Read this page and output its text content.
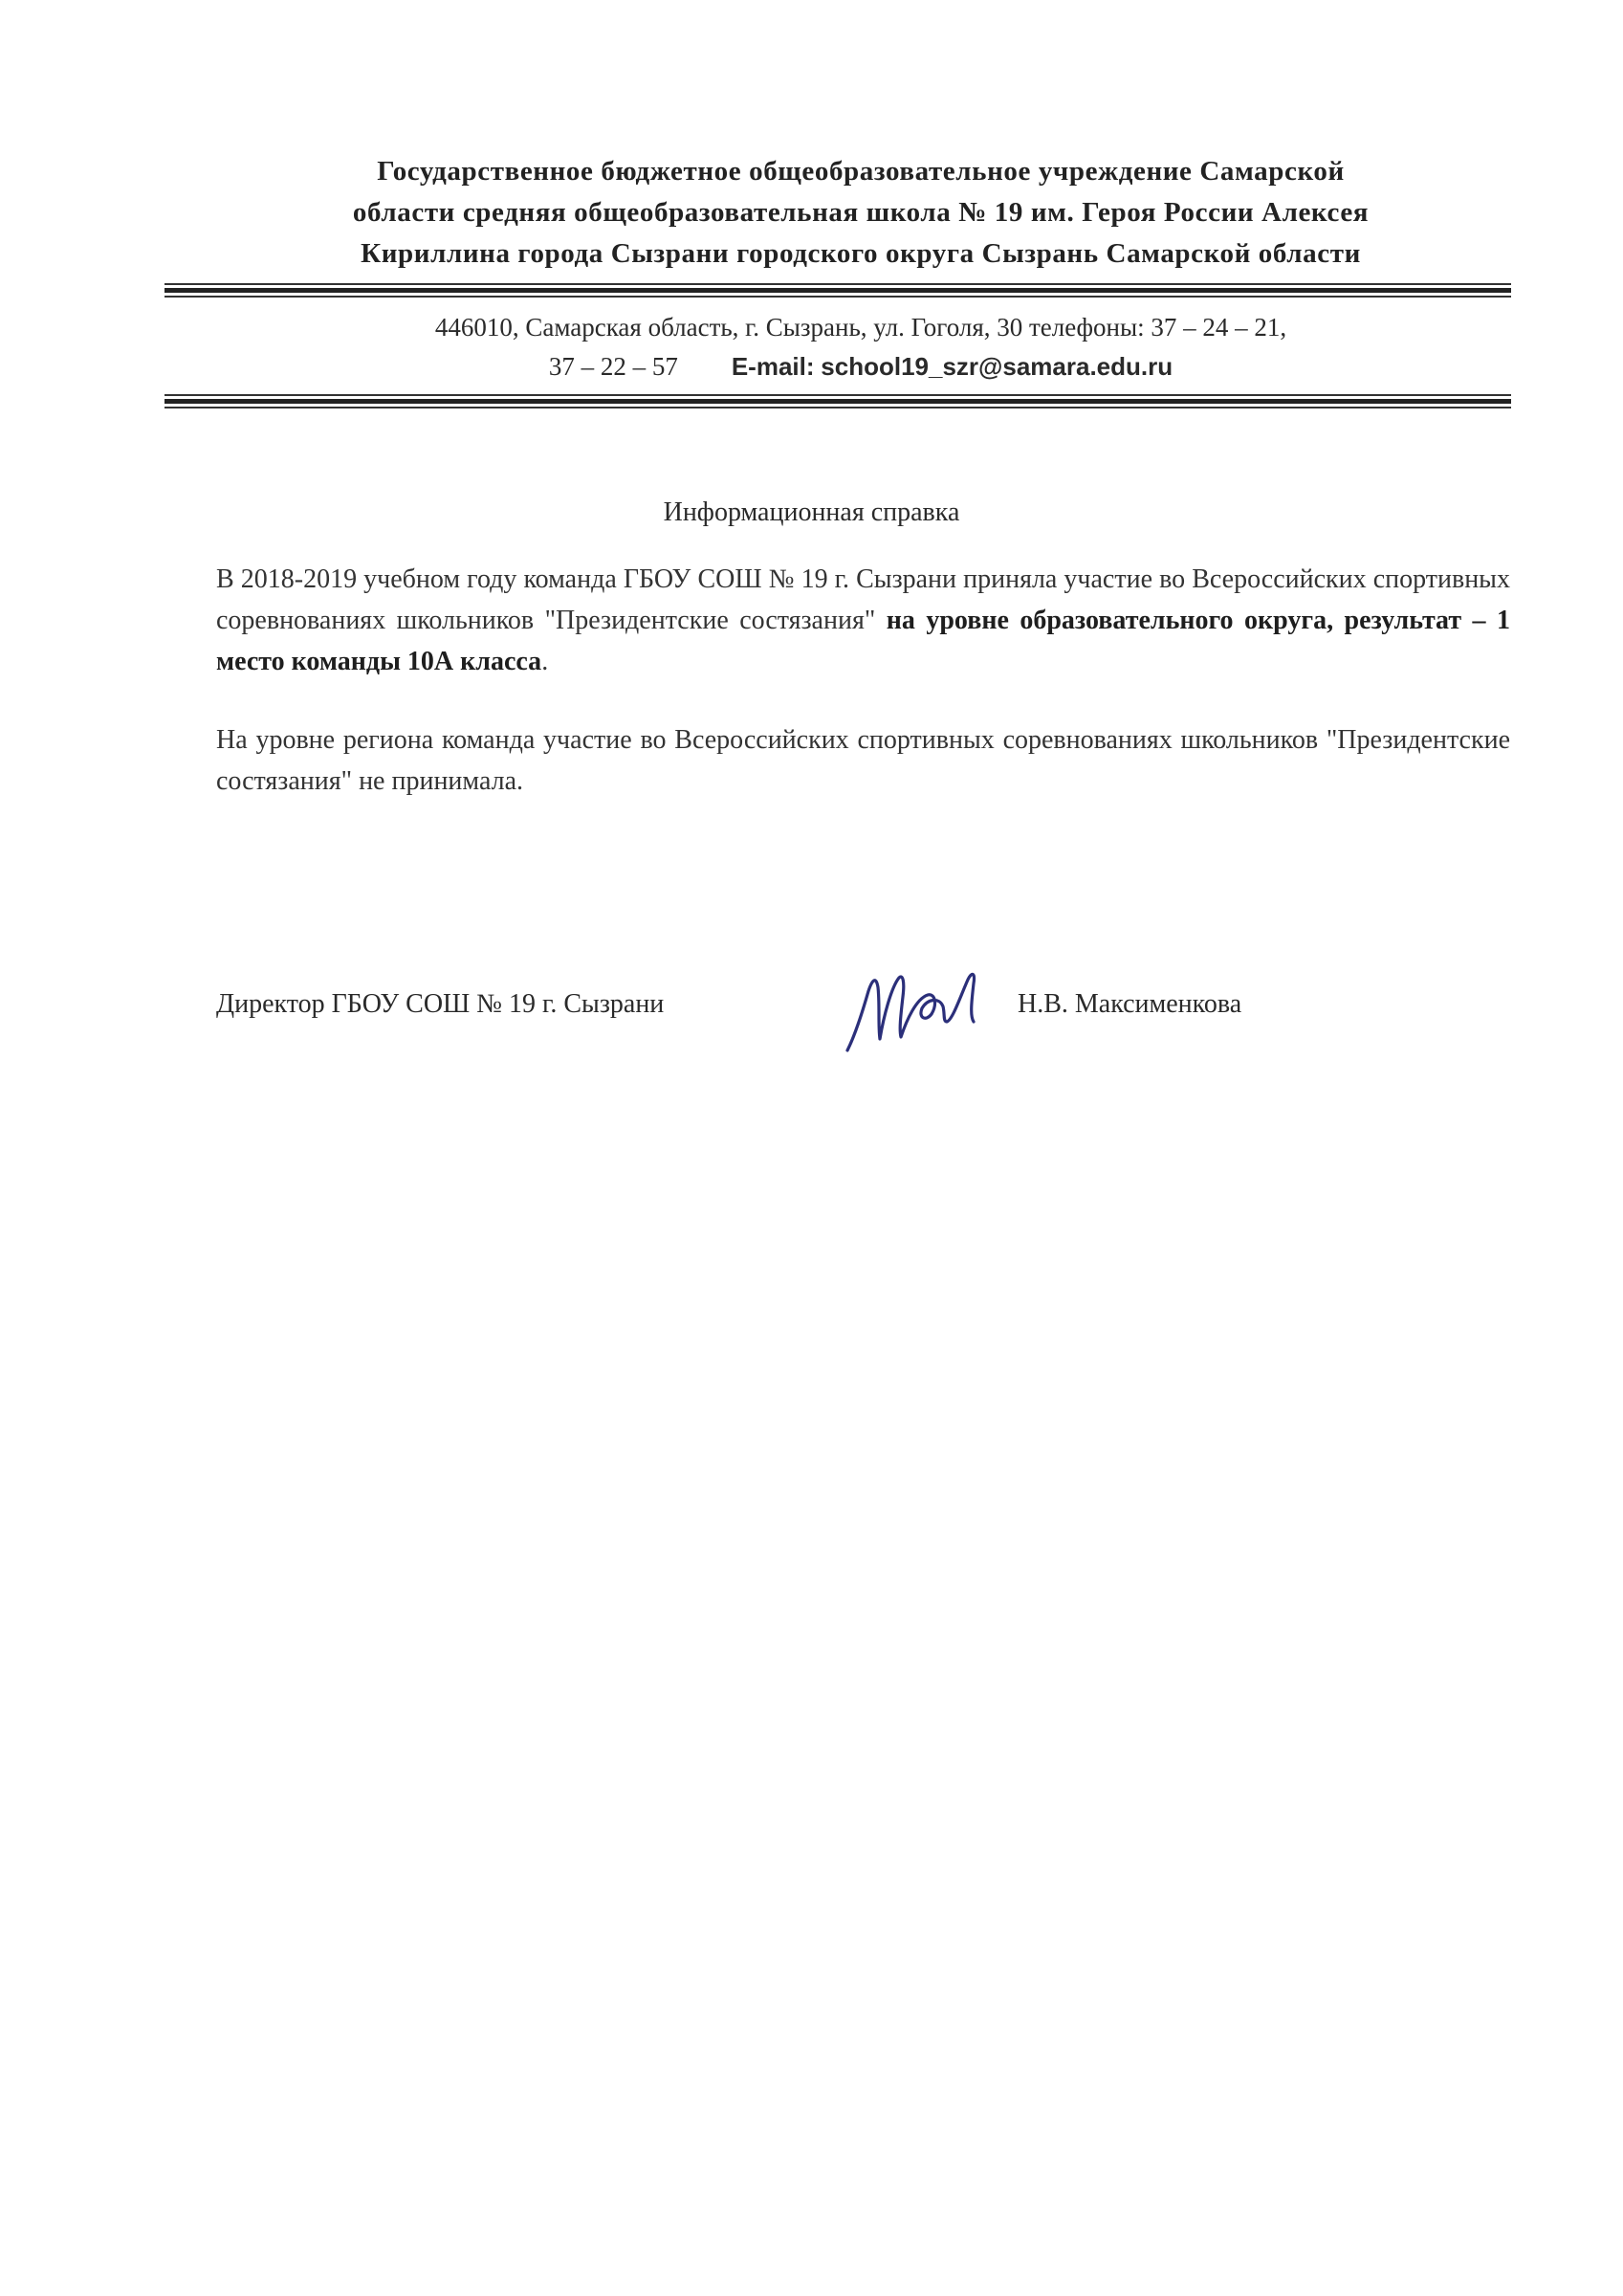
Государственное бюджетное общеобразовательное учреждение Самарской
области средняя общеобразовательная школа № 19 им. Героя России Алексея
Кириллина города Сызрани городского округа Сызрань Самарской области
446010, Самарская область, г. Сызрань, ул. Гоголя, 30 телефоны: 37 – 24 – 21,
37 – 22 – 57 E-mail: school19_szr@samara.edu.ru
Информационная справка
В 2018-2019 учебном году команда ГБОУ СОШ № 19 г. Сызрани приняла участие во Всероссийских спортивных соревнованиях школьников "Президентские состязания" на уровне образовательного округа, результат – 1 место команды 10А класса.
На уровне региона команда участие во Всероссийских спортивных соревнованиях школьников "Президентские состязания" не принимала.
Директор ГБОУ СОШ № 19 г. Сызрани	Н.В. Максименкова
